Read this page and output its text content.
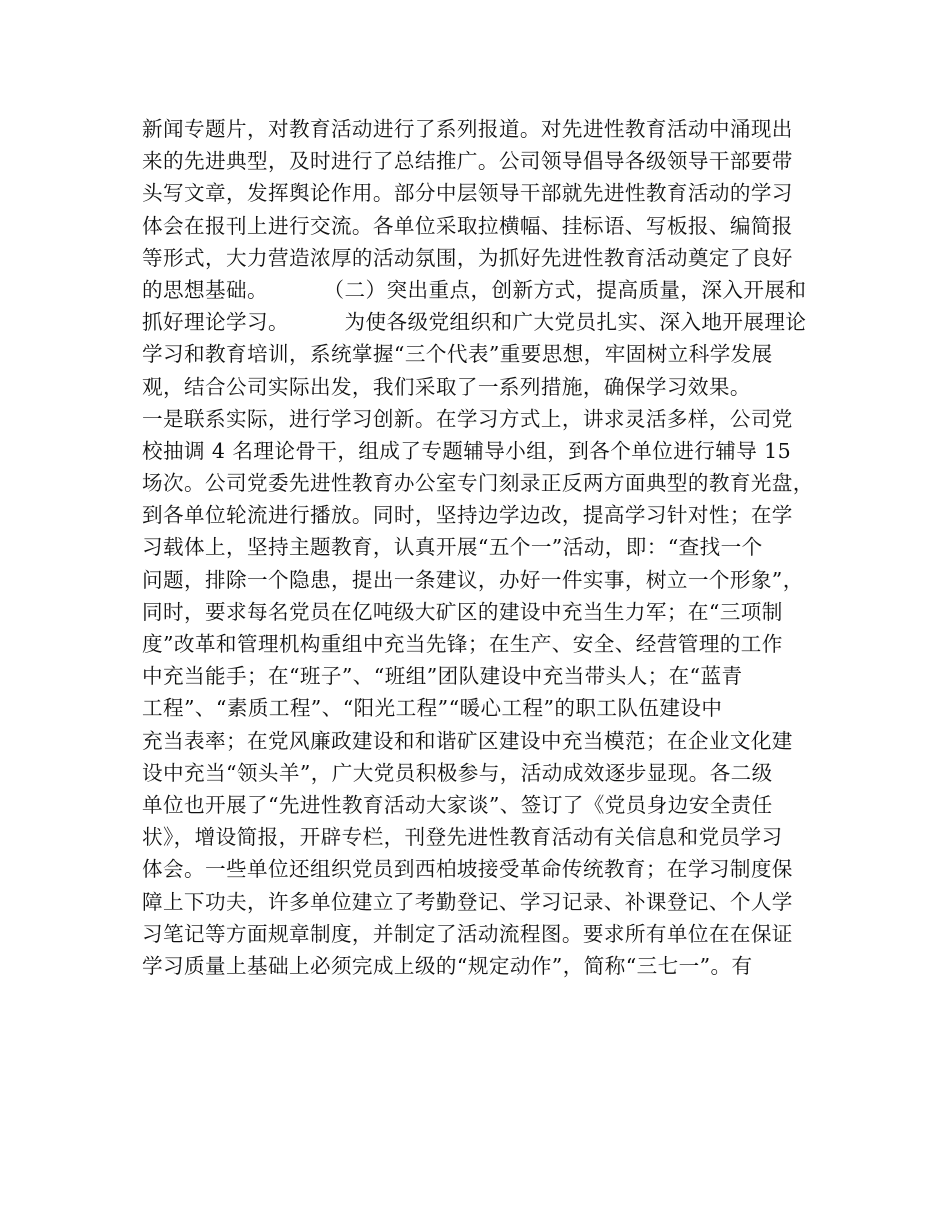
新闻专题片，对教育活动进行了系列报道。对先进性教育活动中涌现出
来的先进典型，及时进行了总结推广。公司领导倡导各级领导干部要带
头写文章，发挥舆论作用。部分中层领导干部就先进性教育活动的学习
体会在报刊上进行交流。各单位采取拉横幅、挂标语、写板报、编简报
等形式，大力营造浓厚的活动氛围，为抓好先进性教育活动奠定了良好
的思想基础。        （二）突出重点，创新方式，提高质量，深入开展和
抓好理论学习。        为使各级党组织和广大党员扎实、深入地开展理论
学习和教育培训，系统掌握“三个代表”重要思想，牢固树立科学发展
观，结合公司实际出发，我们采取了一系列措施，确保学习效果。
一是联系实际，进行学习创新。在学习方式上，讲求灵活多样，公司党
校抽调 4 名理论骨干，组成了专题辅导小组，到各个单位进行辅导 15
场次。公司党委先进性教育办公室专门刻录正反两方面典型的教育光盘，
到各单位轮流进行播放。同时，坚持边学边改，提高学习针对性；在学
习载体上，坚持主题教育，认真开展“五个一”活动，即：“查找一个
问题，排除一个隐患，提出一条建议，办好一件实事，树立一个形象”，
同时，要求每名党员在亿吨级大矿区的建设中充当生力军；在“三项制
度”改革和管理机构重组中充当先锋；在生产、安全、经营管理的工作
中充当能手；在“班子”、“班组”团队建设中充当带头人；在“蓝青
工程”、“素质工程”、“阳光工程”“暖心工程”的职工队伍建设中
充当表率；在党风廉政建设和和谐矿区建设中充当模范；在企业文化建
设中充当“领头羊”，广大党员积极参与，活动成效逐步显现。各二级
单位也开展了“先进性教育活动大家谈”、签订了《党员身边安全责任
状》，增设简报，开辟专栏，刊登先进性教育活动有关信息和党员学习
体会。一些单位还组织党员到西柏坡接受革命传统教育；在学习制度保
障上下功夫，许多单位建立了考勤登记、学习记录、补课登记、个人学
习笔记等方面规章制度，并制定了活动流程图。要求所有单位在在保证
学习质量上基础上必须完成上级的“规定动作”，简称“三七一”。有
